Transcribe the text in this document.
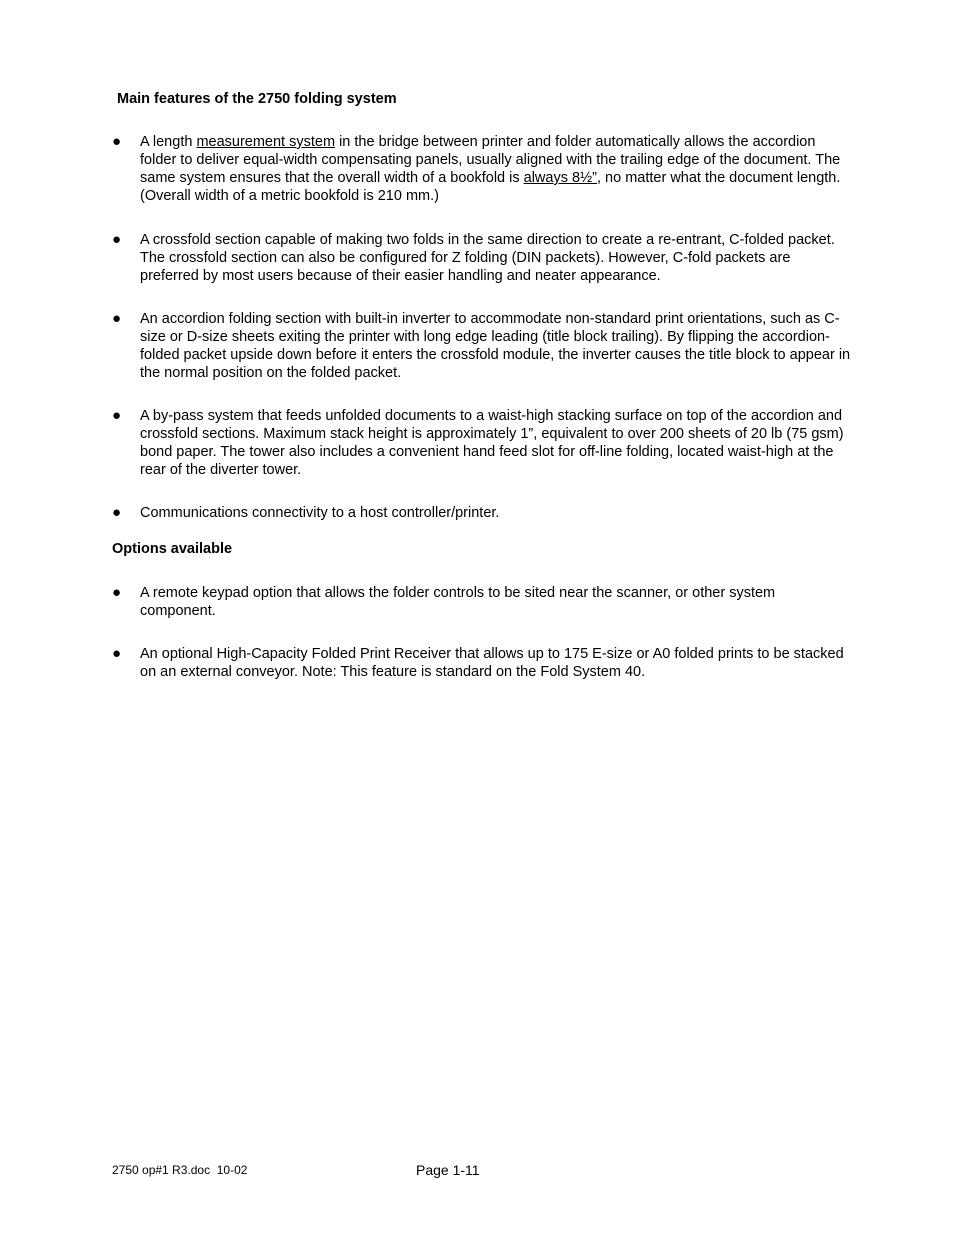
Main features of the 2750 folding system
● A length measurement system in the bridge between printer and folder automatically allows the accordion folder to deliver equal-width compensating panels, usually aligned with the trailing edge of the document. The same system ensures that the overall width of a bookfold is always 8½”, no matter what the document length. (Overall width of a metric bookfold is 210 mm.)
● A crossfold section capable of making two folds in the same direction to create a re-entrant, C-folded packet. The crossfold section can also be configured for Z folding (DIN packets). However, C-fold packets are preferred by most users because of their easier handling and neater appearance.
● An accordion folding section with built-in inverter to accommodate non-standard print orientations, such as C-size or D-size sheets exiting the printer with long edge leading (title block trailing). By flipping the accordion-folded packet upside down before it enters the crossfold module, the inverter causes the title block to appear in the normal position on the folded packet.
● A by-pass system that feeds unfolded documents to a waist-high stacking surface on top of the accordion and crossfold sections. Maximum stack height is approximately 1”, equivalent to over 200 sheets of 20 lb (75 gsm) bond paper. The tower also includes a convenient hand feed slot for off-line folding, located waist-high at the rear of the diverter tower.
● Communications connectivity to a host controller/printer.
Options available
● A remote keypad option that allows the folder controls to be sited near the scanner, or other system component.
● An optional High-Capacity Folded Print Receiver that allows up to 175 E-size or A0 folded prints to be stacked on an external conveyor. Note: This feature is standard on the Fold System 40.
2750 op#1 R3.doc  10-02	Page 1-11
